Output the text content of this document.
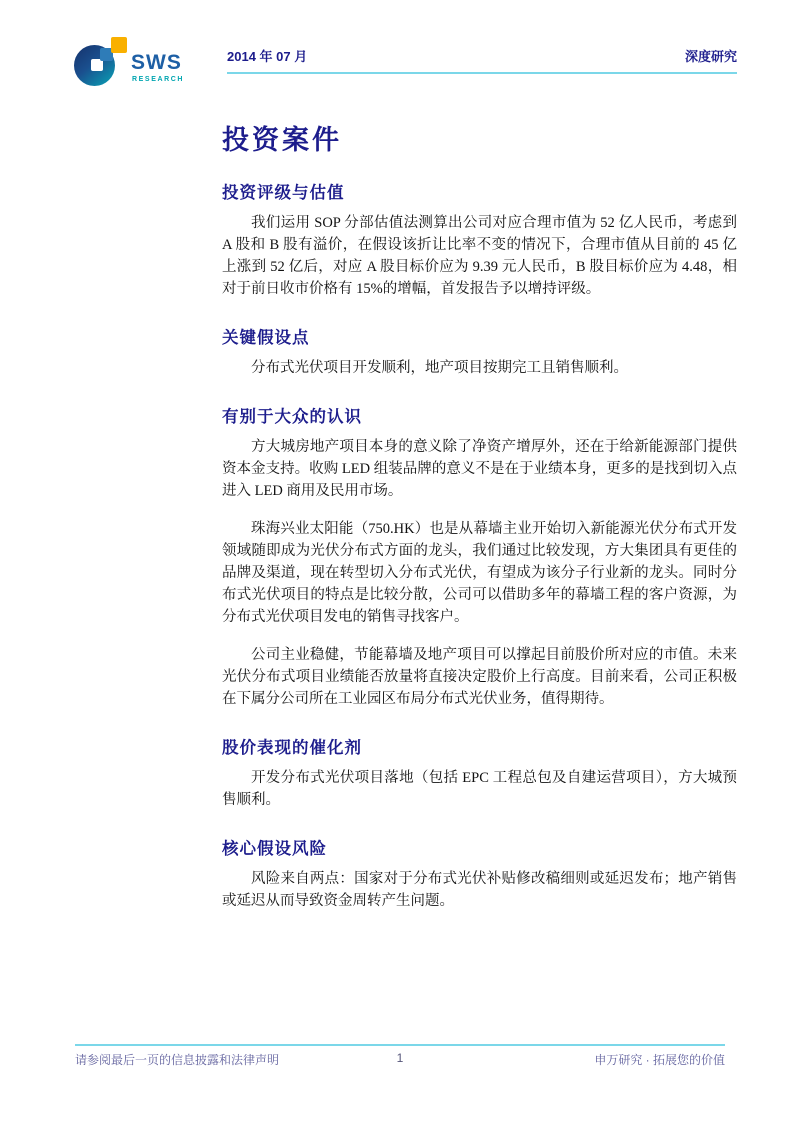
SWS
RESEARCH
2014 年 07 月	深度研究
投资案件
投资评级与估值

我们运用 SOP 分部估值法测算出公司对应合理市值为 52 亿人民币，考虑到 A 股和 B 股有溢价，在假设该折让比率不变的情况下，合理市值从目前的 45 亿上涨到 52 亿后，对应 A 股目标价应为 9.39 元人民币，B 股目标价应为 4.48，相对于前日收市价格有 15%的增幅，首发报告予以增持评级。

关键假设点

分布式光伏项目开发顺利，地产项目按期完工且销售顺利。

有别于大众的认识

方大城房地产项目本身的意义除了净资产增厚外，还在于给新能源部门提供资本金支持。收购 LED 组装品牌的意义不是在于业绩本身，更多的是找到切入点进入 LED 商用及民用市场。

珠海兴业太阳能（750.HK）也是从幕墙主业开始切入新能源光伏分布式开发领域随即成为光伏分布式方面的龙头，我们通过比较发现，方大集团具有更佳的品牌及渠道，现在转型切入分布式光伏，有望成为该分子行业新的龙头。同时分布式光伏项目的特点是比较分散，公司可以借助多年的幕墙工程的客户资源，为分布式光伏项目发电的销售寻找客户。

公司主业稳健，节能幕墙及地产项目可以撑起目前股价所对应的市值。未来光伏分布式项目业绩能否放量将直接决定股价上行高度。目前来看，公司正积极在下属分公司所在工业园区布局分布式光伏业务，值得期待。

股价表现的催化剂

开发分布式光伏项目落地（包括 EPC 工程总包及自建运营项目），方大城预售顺利。

核心假设风险

风险来自两点：国家对于分布式光伏补贴修改稿细则或延迟发布；地产销售或延迟从而导致资金周转产生问题。

请参阅最后一页的信息披露和法律声明	1	申万研究 · 拓展您的价值
